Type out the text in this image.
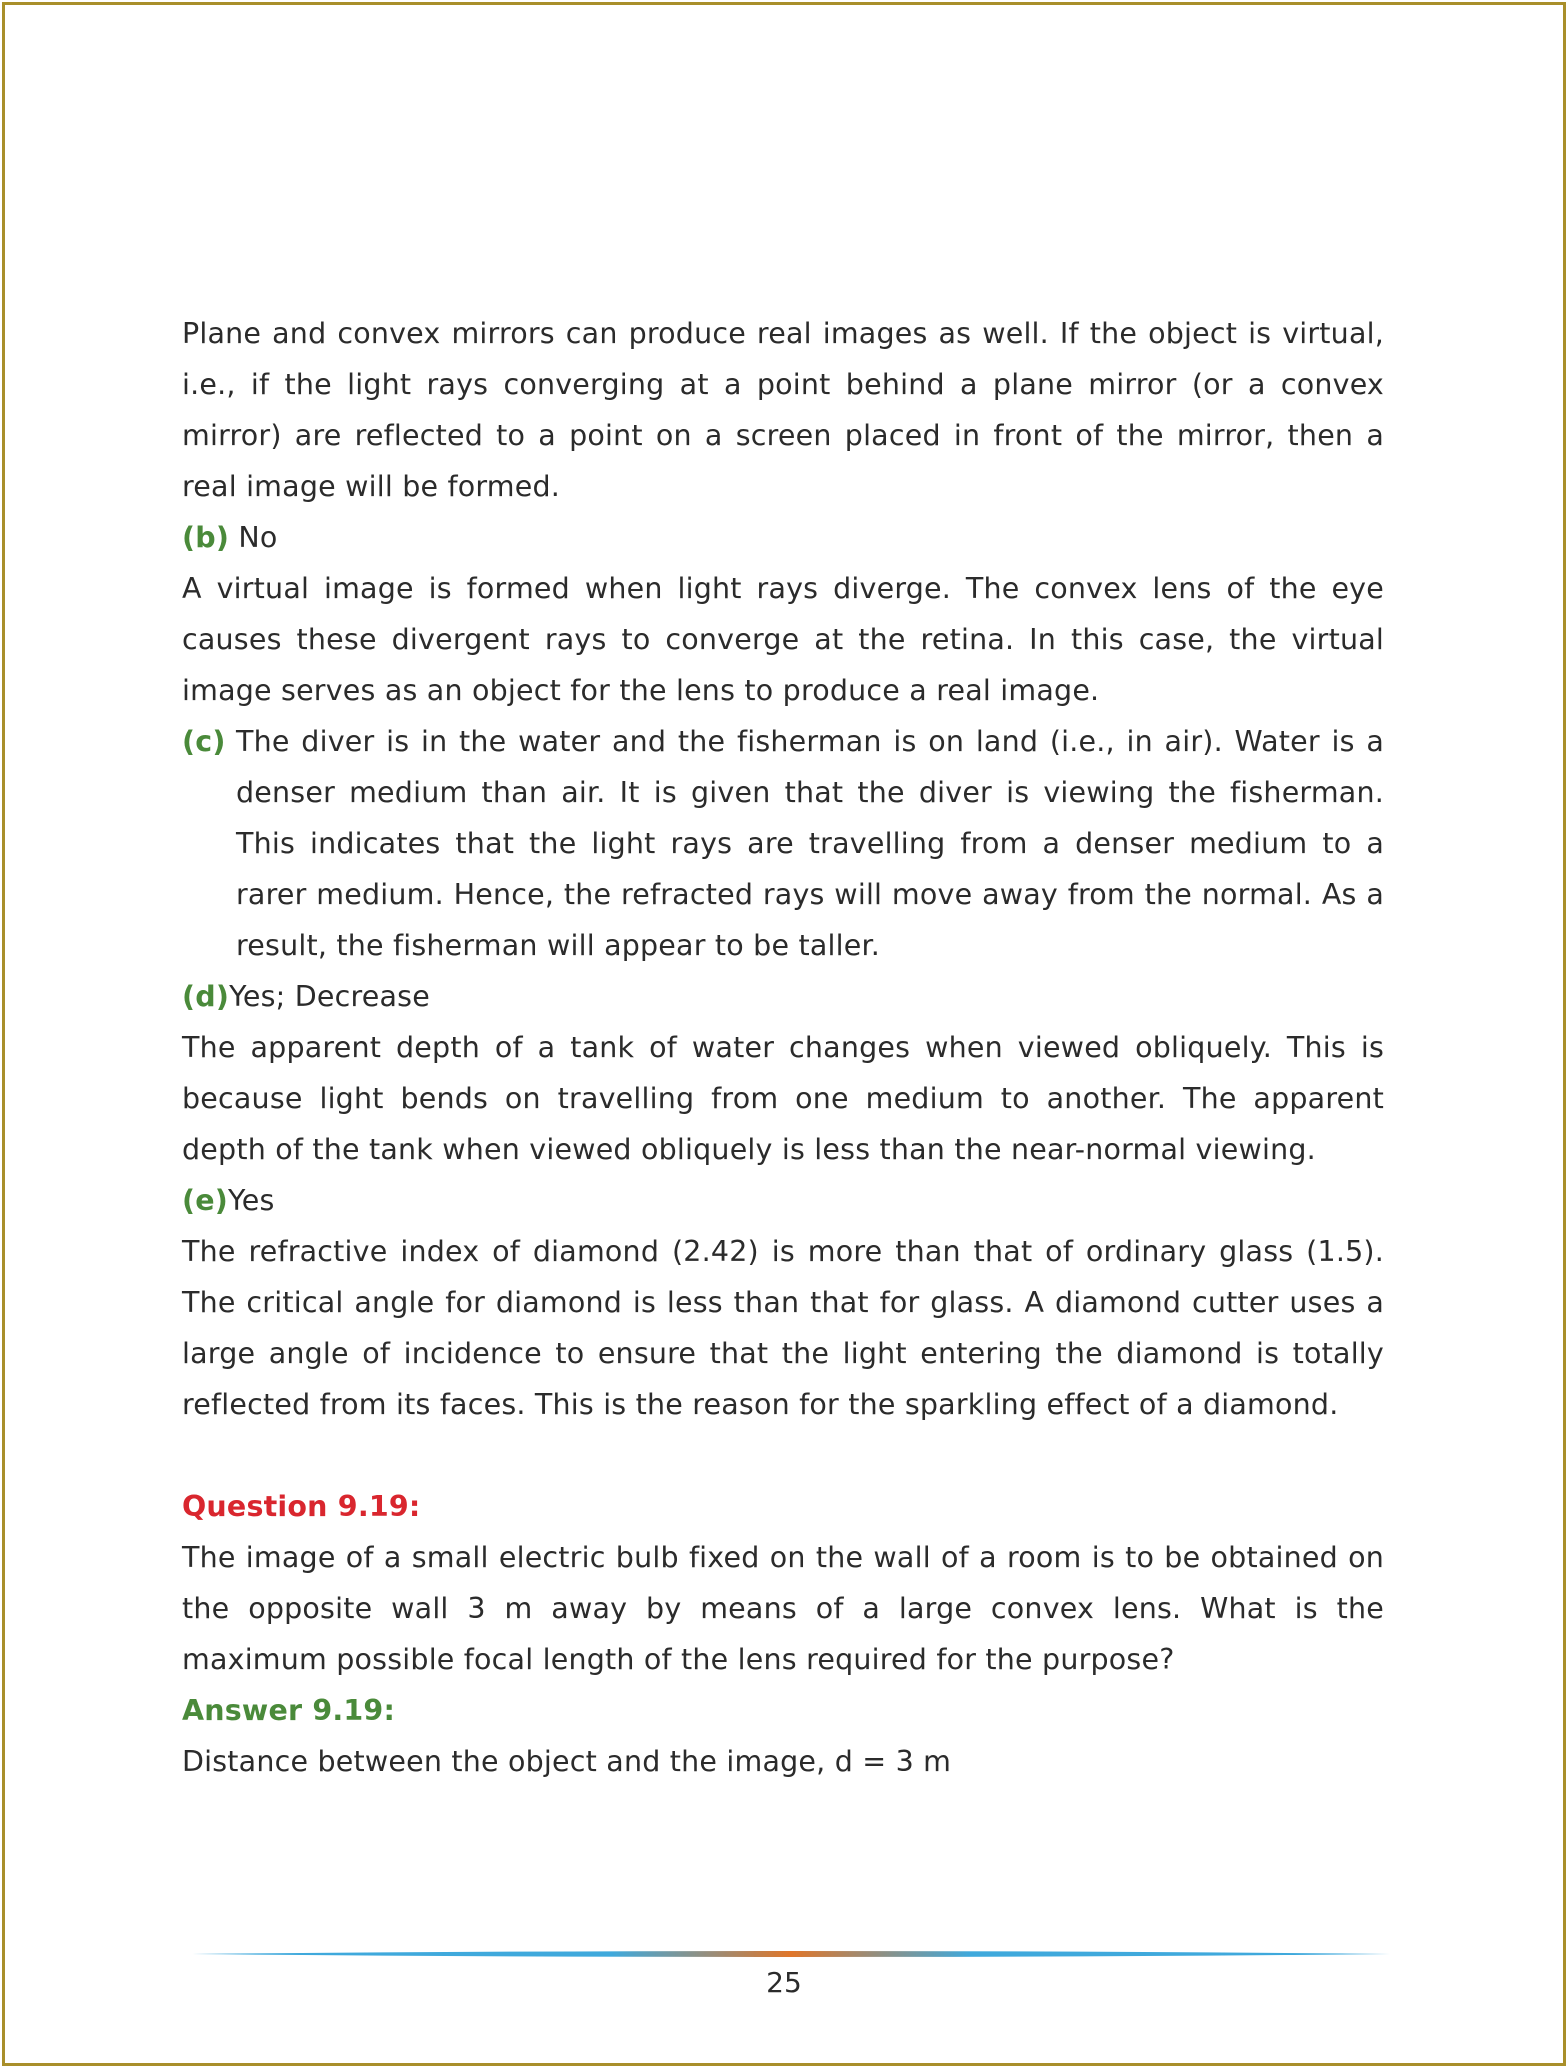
Plane and convex mirrors can produce real images as well. If the object is virtual, i.e., if the light rays converging at a point behind a plane mirror (or a convex mirror) are reflected to a point on a screen placed in front of the mirror, then a real image will be formed.

(b) No

A virtual image is formed when light rays diverge. The convex lens of the eye causes these divergent rays to converge at the retina. In this case, the virtual image serves as an object for the lens to produce a real image.

(c) The diver is in the water and the fisherman is on land (i.e., in air). Water is a denser medium than air. It is given that the diver is viewing the fisherman. This indicates that the light rays are travelling from a denser medium to a rarer medium. Hence, the refracted rays will move away from the normal. As a result, the fisherman will appear to be taller.

(d)Yes; Decrease

The apparent depth of a tank of water changes when viewed obliquely. This is because light bends on travelling from one medium to another. The apparent depth of the tank when viewed obliquely is less than the near-normal viewing.

(e)Yes

The refractive index of diamond (2.42) is more than that of ordinary glass (1.5). The critical angle for diamond is less than that for glass. A diamond cutter uses a large angle of incidence to ensure that the light entering the diamond is totally reflected from its faces. This is the reason for the sparkling effect of a diamond.

Question 9.19:

The image of a small electric bulb fixed on the wall of a room is to be obtained on the opposite wall 3 m away by means of a large convex lens. What is the maximum possible focal length of the lens required for the purpose?

Answer 9.19:

Distance between the object and the image, d = 3 m

25
